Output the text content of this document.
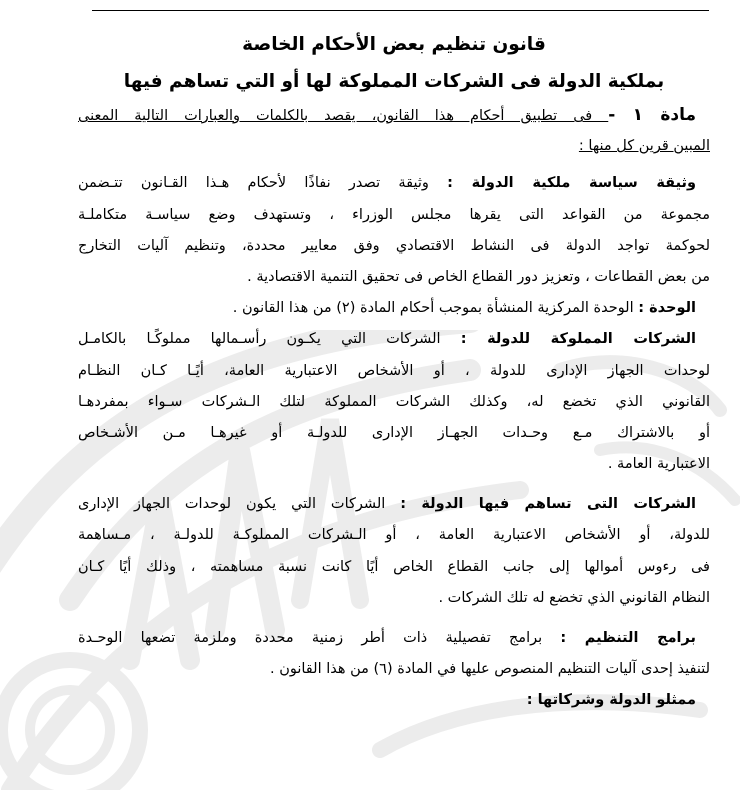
قانون تنظيم بعض الأحكام الخاصة
بملكية الدولة فى الشركات المملوكة لها أو التي تساهم فيها
مادة ١ - فى تطبيق أحكام هذا القانون، يقصد بالكلمات والعبارات التالية المعنى
المبين قرين كل منها :
وثيقة سياسة ملكية الدولة : وثيقة تصدر نفاذًا لأحكام هـذا القـانون تتـضمن
مجموعة من القواعد التى يقرها مجلس الوزراء ، وتستهدف وضع سياسـة متكاملـة
لحوكمة تواجد الدولة فى النشاط الاقتصادي وفق معايير محددة، وتنظيم آليات التخارج
من بعض القطاعات ، وتعزيز دور القطاع الخاص فى تحقيق التنمية الاقتصادية .
الوحدة : الوحدة المركزية المنشأة بموجب أحكام المادة (٢) من هذا القانون .
الشركات المملوكة للدولة : الشركات التي يكـون رأسـمالها مملوكًـا بالكامـل
لوحدات الجهاز الإدارى للدولة ، أو الأشخاص الاعتبارية العامة، أيًـا كـان النظـام
القانوني الذي تخضع له، وكذلك الشركات المملوكة لتلك الـشركات سـواء بمفردهـا
أو بالاشتراك مـع وحـدات الجهـاز الإدارى للدولـة أو غيرهـا مـن الأشـخاص
الاعتبارية العامة .
الشركات التى تساهم فيها الدولة : الشركات التي يكون لوحدات الجهاز الإدارى
للدولة، أو الأشخاص الاعتبارية العامة ، أو الـشركات المملوكـة للدولـة ، مـساهمة
فى رءوس أموالها إلى جانب القطاع الخاص أيًا كانت نسبة مساهمته ، وذلك أيًا كـان
النظام القانوني الذي تخضع له تلك الشركات .
برامج التنظيم : برامج تفصيلية ذات أطر زمنية محددة وملزمة تضعها الوحـدة
لتنفيذ إحدى آليات التنظيم المنصوص عليها في المادة (٦) من هذا القانون .
ممثلو الدولة وشركاتها :
